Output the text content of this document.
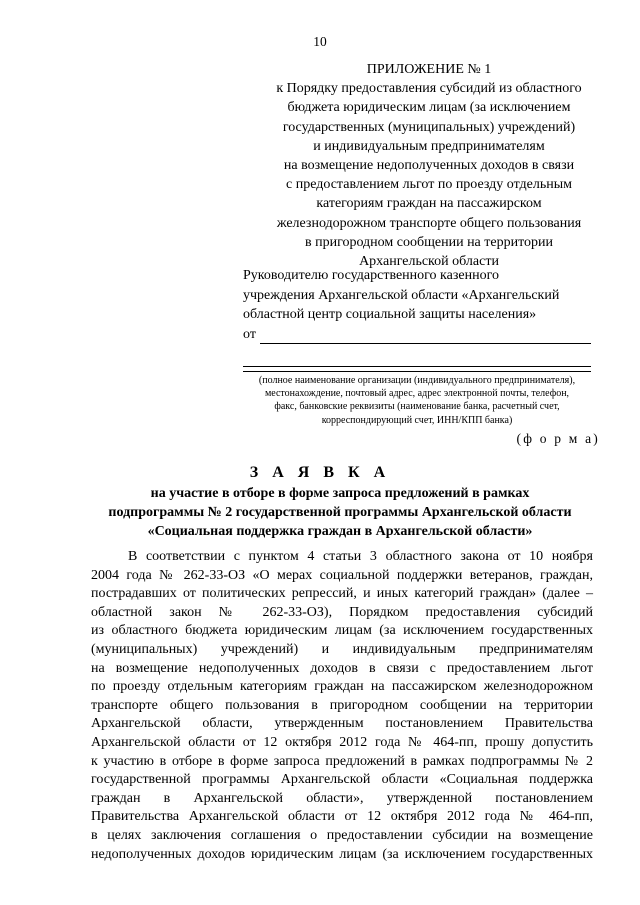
10
ПРИЛОЖЕНИЕ № 1
к Порядку предоставления субсидий из областного
бюджета юридическим лицам (за исключением
государственных (муниципальных) учреждений)
и индивидуальным предпринимателям
на возмещение недополученных доходов в связи
с предоставлением льгот по проезду отдельным
категориям граждан на пассажирском
железнодорожном транспорте общего пользования
в пригородном сообщении на территории
Архангельской области
Руководителю государственного казенного
учреждения Архангельской области «Архангельский
областной центр социальной защиты населения»
от
(полное наименование организации (индивидуального предпринимателя),
местонахождение, почтовый адрес, адрес электронной почты, телефон,
факс, банковские реквизиты (наименование банка, расчетный счет,
корреспондирующий счет, ИНН/КПП банка)
(ф о р м а)
З А Я В К А
на участие в отборе в форме запроса предложений в рамках
подпрограммы № 2 государственной программы Архангельской области
«Социальная поддержка граждан в Архангельской области»
В соответствии с пунктом 4 статьи 3 областного закона от 10 ноября
2004 года № 262-33-ОЗ «О мерах социальной поддержки ветеранов, граждан,
пострадавших от политических репрессий, и иных категорий граждан» (далее –
областной закон № 262-33-ОЗ), Порядком предоставления субсидий
из областного бюджета юридическим лицам (за исключением государственных
(муниципальных) учреждений) и индивидуальным предпринимателям
на возмещение недополученных доходов в связи с предоставлением льгот
по проезду отдельным категориям граждан на пассажирском железнодорожном
транспорте общего пользования в пригородном сообщении на территории
Архангельской области, утвержденным постановлением Правительства
Архангельской области от 12 октября 2012 года № 464-пп, прошу допустить
к участию в отборе в форме запроса предложений в рамках подпрограммы № 2
государственной программы Архангельской области «Социальная поддержка
граждан в Архангельской области», утвержденной постановлением
Правительства Архангельской области от 12 октября 2012 года № 464-пп,
в целях заключения соглашения о предоставлении субсидии на возмещение
недополученных доходов юридическим лицам (за исключением государственных
